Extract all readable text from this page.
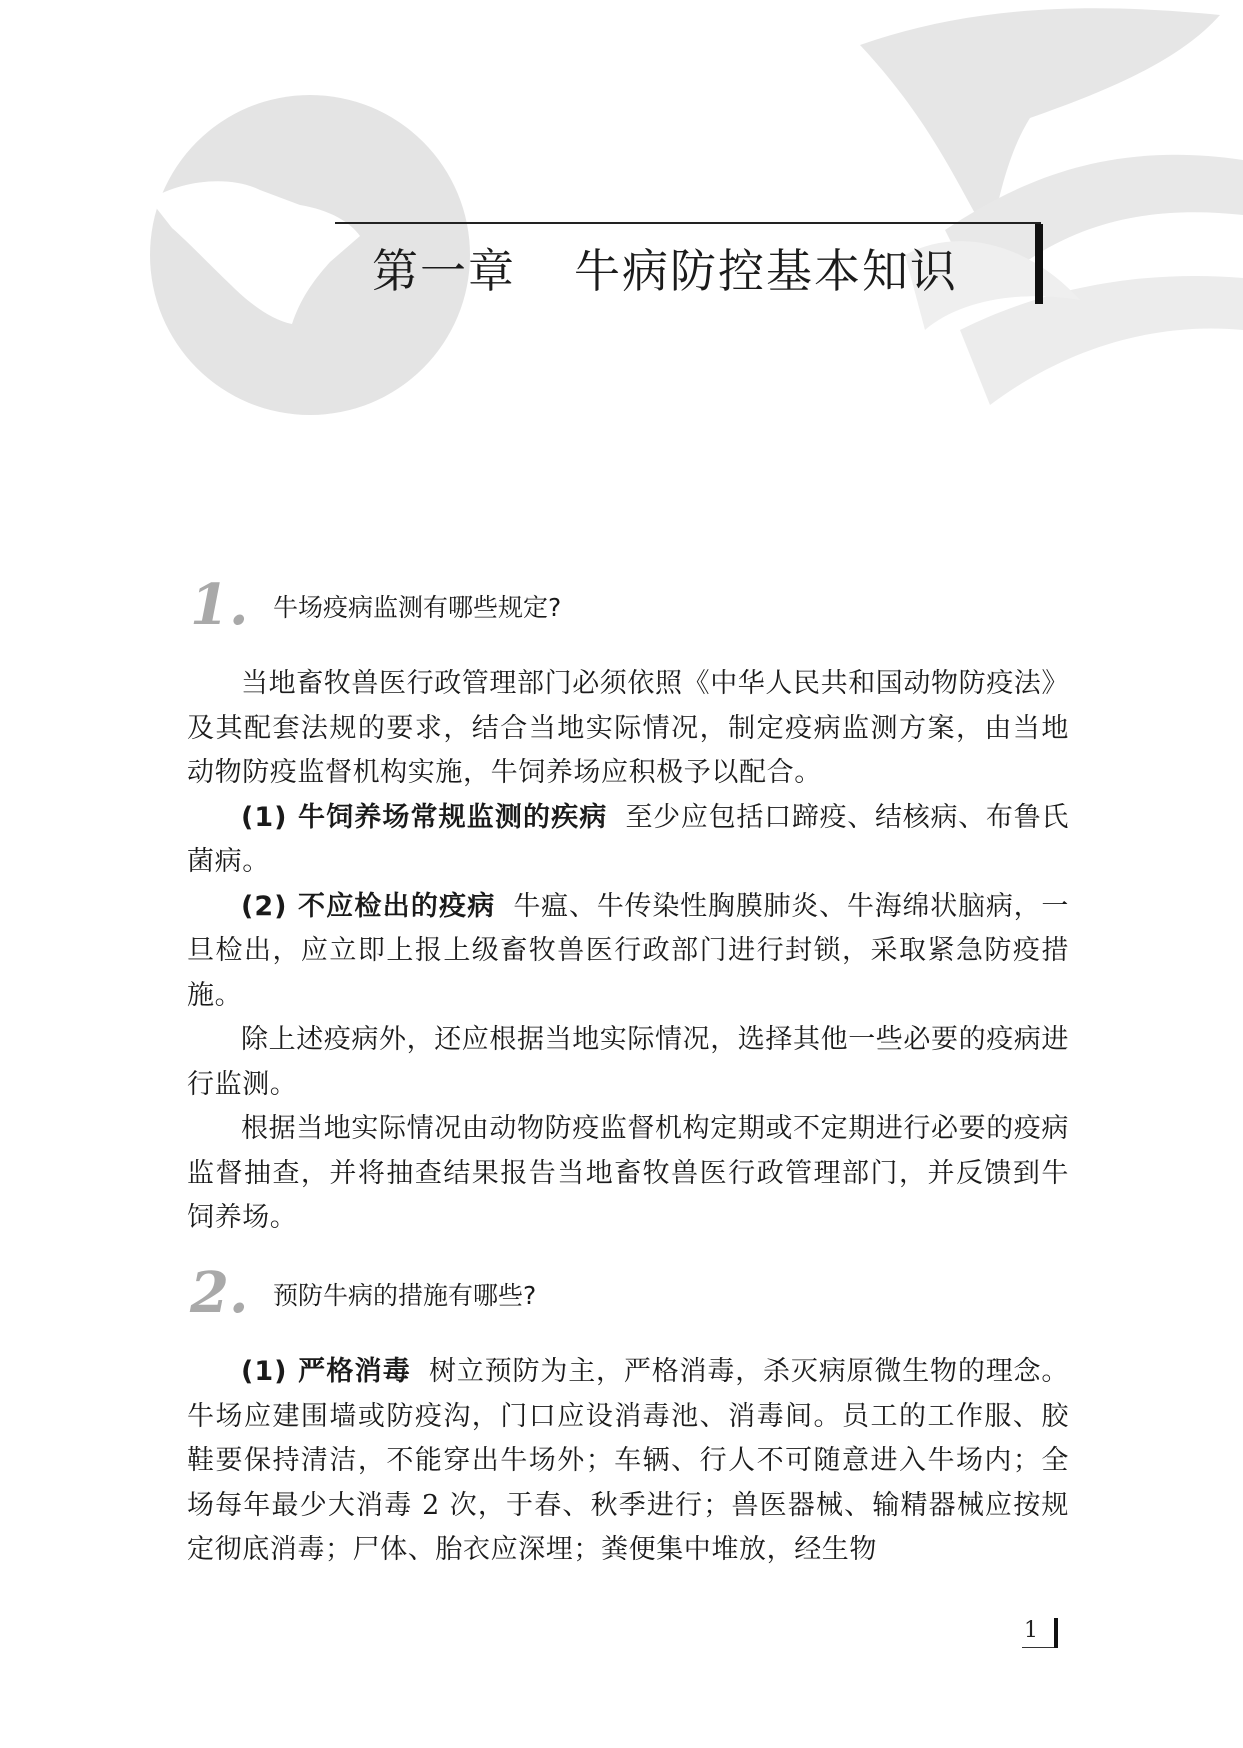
第一章 牛病防控基本知识
1. 牛场疫病监测有哪些规定?

当地畜牧兽医行政管理部门必须依照《中华人民共和国动物防疫法》及其配套法规的要求，结合当地实际情况，制定疫病监测方案，由当地动物防疫监督机构实施，牛饲养场应积极予以配合。

(1) 牛饲养场常规监测的疾病 至少应包括口蹄疫、结核病、布鲁氏菌病。

(2) 不应检出的疫病 牛瘟、牛传染性胸膜肺炎、牛海绵状脑病，一旦检出，应立即上报上级畜牧兽医行政部门进行封锁，采取紧急防疫措施。

除上述疫病外，还应根据当地实际情况，选择其他一些必要的疫病进行监测。

根据当地实际情况由动物防疫监督机构定期或不定期进行必要的疫病监督抽查，并将抽查结果报告当地畜牧兽医行政管理部门，并反馈到牛饲养场。

2. 预防牛病的措施有哪些?

(1) 严格消毒 树立预防为主，严格消毒，杀灭病原微生物的理念。牛场应建围墙或防疫沟，门口应设消毒池、消毒间。员工的工作服、胶鞋要保持清洁，不能穿出牛场外；车辆、行人不可随意进入牛场内；全场每年最少大消毒 2 次，于春、秋季进行；兽医器械、输精器械应按规定彻底消毒；尸体、胎衣应深埋；粪便集中堆放，经生物

1
